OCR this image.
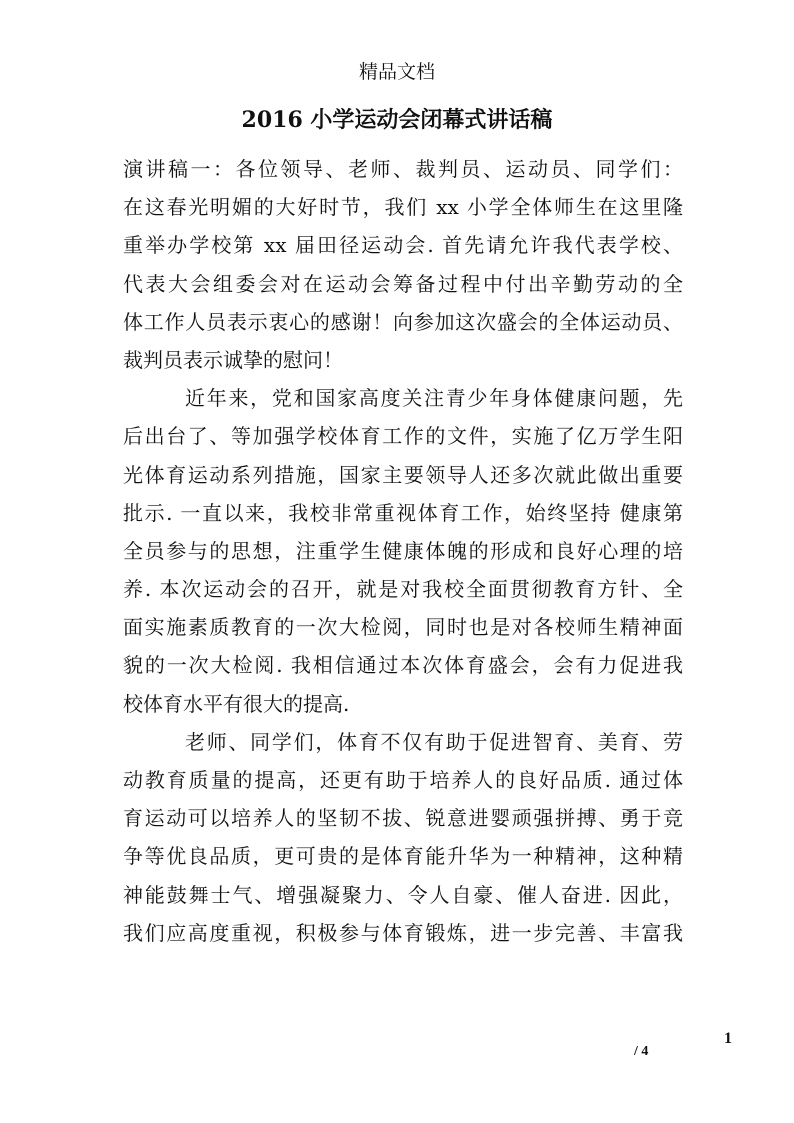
精品文档
2016 小学运动会闭幕式讲话稿
演讲稿一：各位领导、老师、裁判员、运动员、同学们：
在这春光明媚的大好时节，我们 xx 小学全体师生在这里隆
重举办学校第 xx 届田径运动会. 首先请允许我代表学校、
代表大会组委会对在运动会筹备过程中付出辛勤劳动的全
体工作人员表示衷心的感谢！向参加这次盛会的全体运动员、
裁判员表示诚挚的慰问！
近年来，党和国家高度关注青少年身体健康问题，先
后出台了、等加强学校体育工作的文件，实施了亿万学生阳
光体育运动系列措施，国家主要领导人还多次就此做出重要
批示. 一直以来，我校非常重视体育工作，始终坚持 健康第
全员参与的思想，注重学生健康体魄的形成和良好心理的培
养. 本次运动会的召开，就是对我校全面贯彻教育方针、全
面实施素质教育的一次大检阅，同时也是对各校师生精神面
貌的一次大检阅. 我相信通过本次体育盛会，会有力促进我
校体育水平有很大的提高.
老师、同学们，体育不仅有助于促进智育、美育、劳
动教育质量的提高，还更有助于培养人的良好品质. 通过体
育运动可以培养人的坚韧不拔、锐意进婴顽强拼搏、勇于竞
争等优良品质，更可贵的是体育能升华为一种精神，这种精
神能鼓舞士气、增强凝聚力、令人自豪、催人奋进. 因此，
我们应高度重视，积极参与体育锻炼，进一步完善、丰富我
1
/ 4
